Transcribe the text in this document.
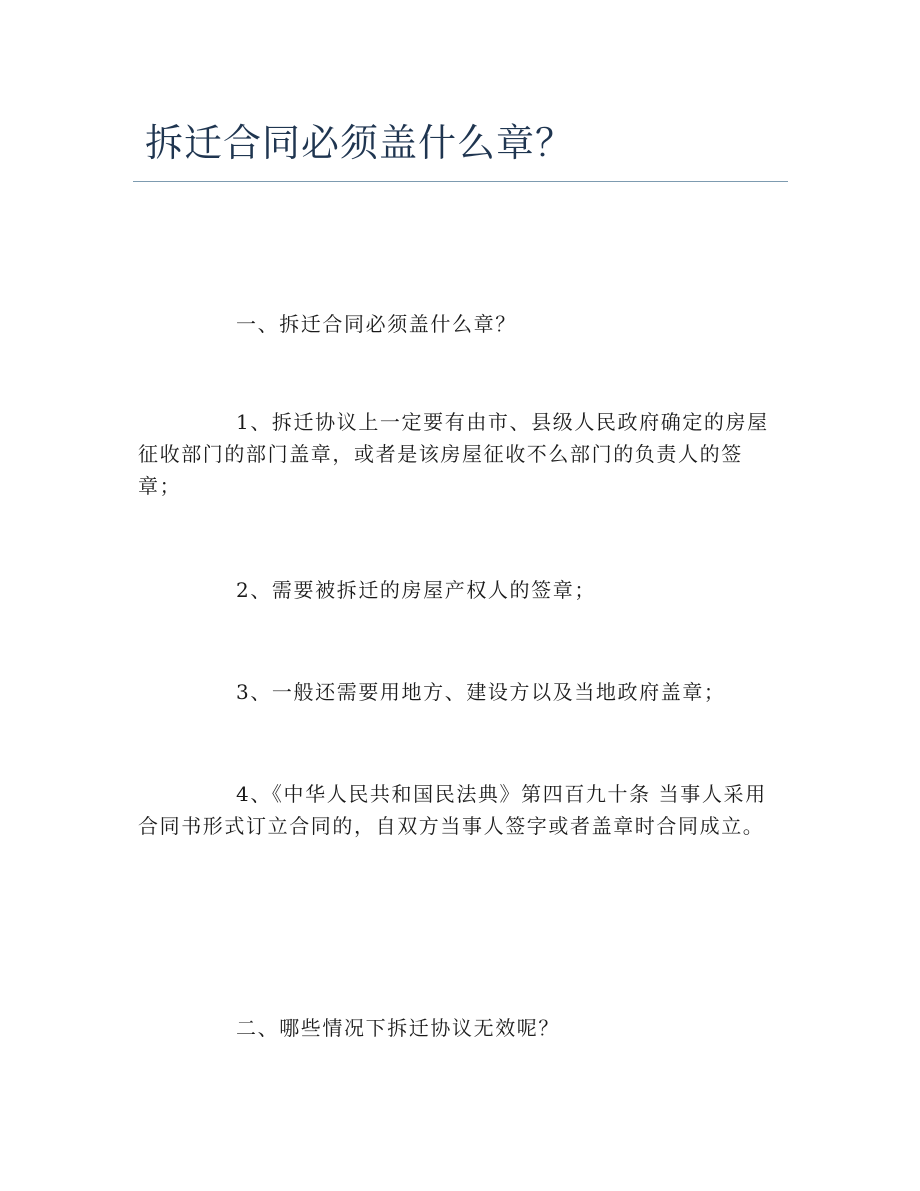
拆迁合同必须盖什么章？

一、拆迁合同必须盖什么章？

1、拆迁协议上一定要有由市、县级人民政府确定的房屋征收部门的部门盖章，或者是该房屋征收不么部门的负责人的签章；

2、需要被拆迁的房屋产权人的签章；

3、一般还需要用地方、建设方以及当地政府盖章；

4、《中华人民共和国民法典》第四百九十条 当事人采用合同书形式订立合同的，自双方当事人签字或者盖章时合同成立。

二、哪些情况下拆迁协议无效呢？
